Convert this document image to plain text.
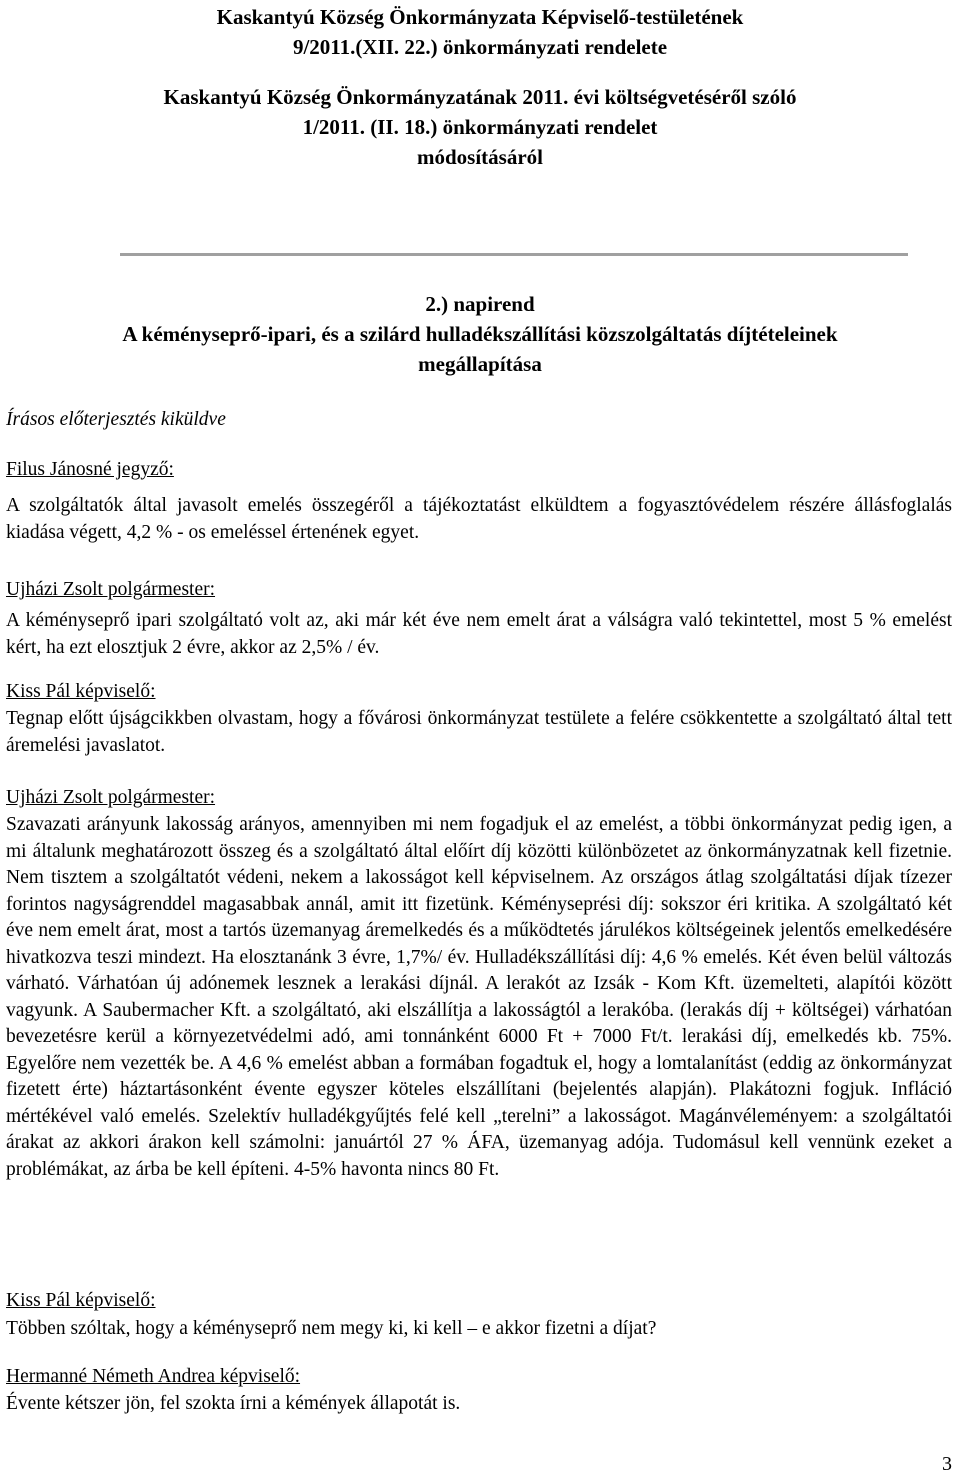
Kaskantyú Község Önkormányzata Képviselő-testületének
9/2011.(XII. 22.) önkormányzati rendelete
Kaskantyú Község Önkormányzatának 2011. évi költségvetéséről szóló
1/2011. (II. 18.) önkormányzati rendelet
módosításáról
2.) napirend
A kéményseprő-ipari, és a szilárd hulladékszállítási közszolgáltatás díjtételeinek
megállapítása
Írásos előterjesztés kiküldve
Filus Jánosné jegyző:
A szolgáltatók által javasolt emelés összegéről a tájékoztatást elküldtem a fogyasztóvédelem részére állásfoglalás kiadása végett, 4,2 % - os emeléssel értenének egyet.
Ujházi Zsolt polgármester:
A kéményseprő ipari szolgáltató volt az, aki már két éve nem emelt árat a válságra való tekintettel, most 5 % emelést kért, ha ezt elosztjuk 2 évre, akkor az 2,5% / év.
Kiss Pál képviselő:
Tegnap előtt újságcikkben olvastam, hogy a fővárosi önkormányzat testülete a felére csökkentette a szolgáltató által tett áremelési javaslatot.
Ujházi Zsolt polgármester:
Szavazati arányunk lakosság arányos, amennyiben mi nem fogadjuk el az emelést, a többi önkormányzat pedig igen, a mi általunk meghatározott összeg és a szolgáltató által előírt díj közötti különbözetet az önkormányzatnak kell fizetnie. Nem tisztem a szolgáltatót védeni, nekem a lakosságot kell képviselnem. Az országos átlag szolgáltatási díjak tízezer forintos nagyságrenddel magasabbak annál, amit itt fizetünk. Kéményseprési díj: sokszor éri kritika. A szolgáltató két éve nem emelt árat, most a tartós üzemanyag áremelkedés és a működtetés járulékos költségeinek jelentős emelkedésére hivatkozva teszi mindezt. Ha elosztanánk 3 évre, 1,7%/ év. Hulladékszállítási díj: 4,6 % emelés. Két éven belül változás várható. Várhatóan új adónemek lesznek a lerakási díjnál. A lerakót az Izsák - Kom Kft. üzemelteti, alapítói között vagyunk. A Saubermacher Kft. a szolgáltató, aki elszállítja a lakosságtól a lerakóba. (lerakás díj + költségei) várhatóan bevezetésre kerül a környezetvédelmi adó, ami tonnánként 6000 Ft + 7000 Ft/t. lerakási díj, emelkedés kb. 75%. Egyelőre nem vezették be. A 4,6 % emelést abban a formában fogadtuk el, hogy a lomtalanítást (eddig az önkormányzat fizetett érte) háztartásonként évente egyszer köteles elszállítani (bejelentés alapján). Plakátozni fogjuk. Infláció mértékével való emelés. Szelektív hulladékgyűjtés felé kell „terelni” a lakosságot. Magánvéleményem: a szolgáltatói árakat az akkori árakon kell számolni: januártól 27 % ÁFA, üzemanyag adója. Tudomásul kell vennünk ezeket a problémákat, az árba be kell építeni. 4-5% havonta nincs 80 Ft.
Kiss Pál képviselő:
Többen szóltak, hogy a kéményseprő nem megy ki, ki kell – e akkor fizetni a díjat?
Hermanné Németh Andrea képviselő:
Évente kétszer jön, fel szokta írni a kémények állapotát is.
3
